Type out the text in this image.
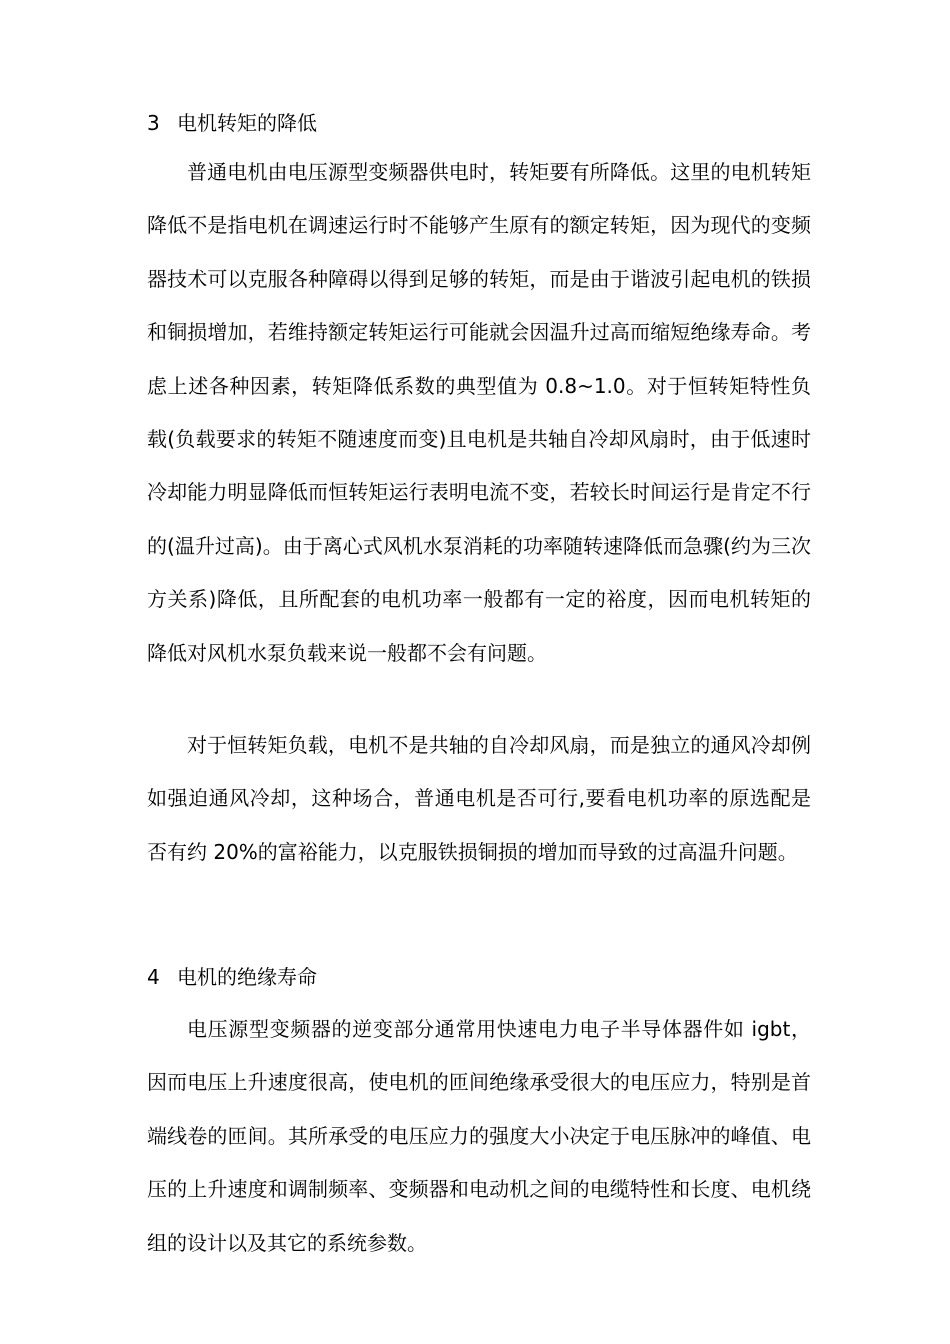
3 电机转矩的降低

普通电机由电压源型变频器供电时，转矩要有所降低。这里的电机转矩降低不是指电机在调速运行时不能够产生原有的额定转矩，因为现代的变频器技术可以克服各种障碍以得到足够的转矩，而是由于谐波引起电机的铁损和铜损增加，若维持额定转矩运行可能就会因温升过高而缩短绝缘寿命。考虑上述各种因素，转矩降低系数的典型值为 0.8~1.0。对于恒转矩特性负载(负载要求的转矩不随速度而变)且电机是共轴自冷却风扇时，由于低速时冷却能力明显降低而恒转矩运行表明电流不变，若较长时间运行是肯定不行的(温升过高)。由于离心式风机水泵消耗的功率随转速降低而急骤(约为三次方关系)降低，且所配套的电机功率一般都有一定的裕度，因而电机转矩的降低对风机水泵负载来说一般都不会有问题。

对于恒转矩负载，电机不是共轴的自冷却风扇，而是独立的通风冷却例如强迫通风冷却，这种场合，普通电机是否可行,要看电机功率的原选配是否有约 20%的富裕能力，以克服铁损铜损的增加而导致的过高温升问题。

4 电机的绝缘寿命

电压源型变频器的逆变部分通常用快速电力电子半导体器件如 igbt，因而电压上升速度很高，使电机的匝间绝缘承受很大的电压应力，特别是首端线卷的匝间。其所承受的电压应力的强度大小决定于电压脉冲的峰值、电压的上升速度和调制频率、变频器和电动机之间的电缆特性和长度、电机绕组的设计以及其它的系统参数。
